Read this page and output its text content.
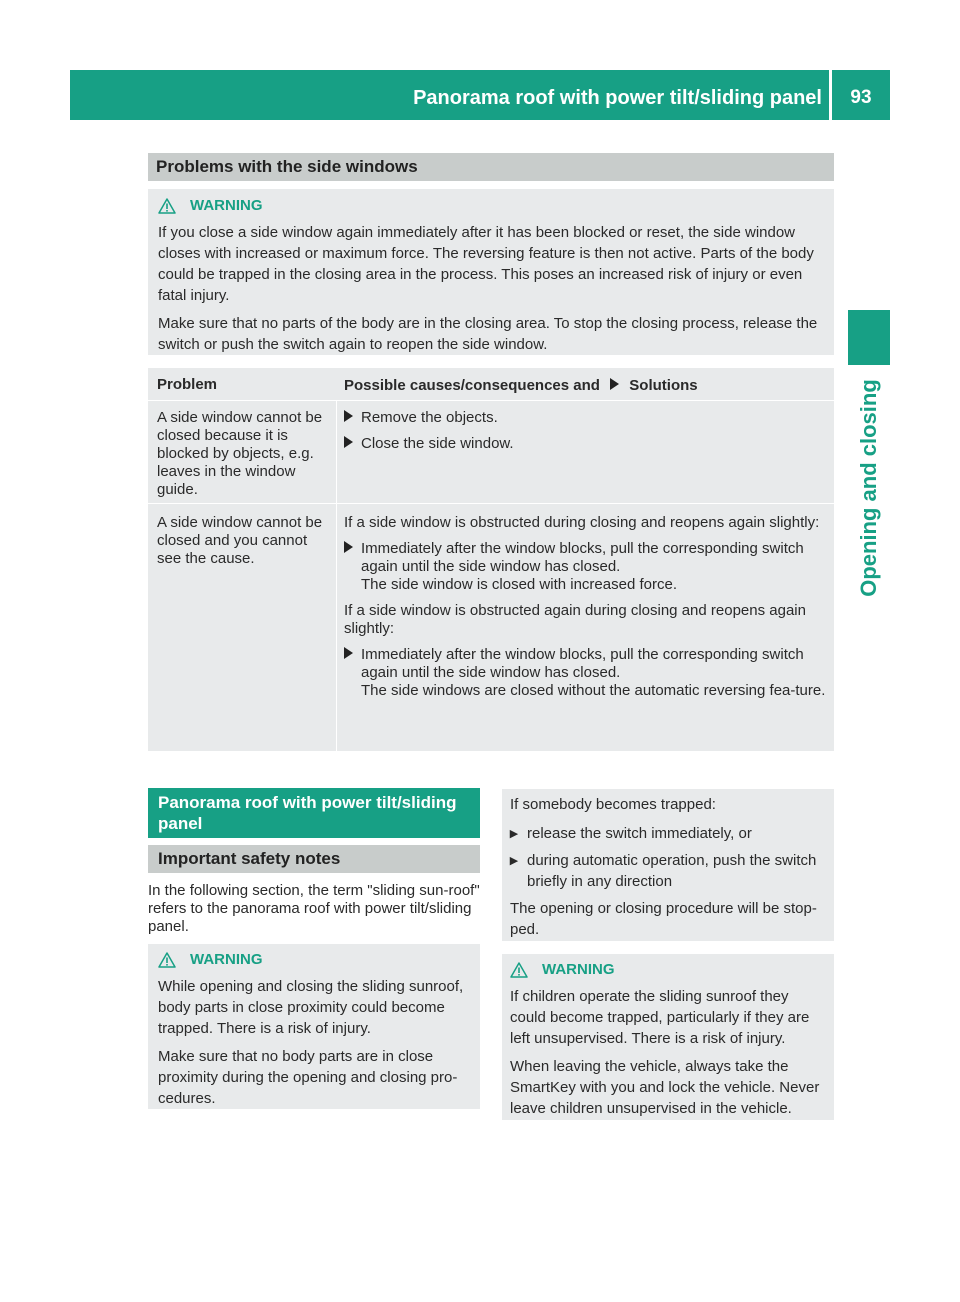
Panorama roof with power tilt/sliding panel	93
Opening and closing
Problems with the side windows
WARNING

If you close a side window again immediately after it has been blocked or reset, the side window closes with increased or maximum force. The reversing feature is then not active. Parts of the body could be trapped in the closing area in the process. This poses an increased risk of injury or even fatal injury.

Make sure that no parts of the body are in the closing area. To stop the closing process, release the switch or push the switch again to reopen the side window.

Problem	Possible causes/consequences and Solutions
A side window cannot be closed because it is blocked by objects, e.g. leaves in the window guide.
Remove the objects.
Close the side window.
A side window cannot be closed and you cannot see the cause.
If a side window is obstructed during closing and reopens again slightly:
Immediately after the window blocks, pull the corresponding switch again until the side window has closed.
The side window is closed with increased force.
If a side window is obstructed again during closing and reopens again slightly:
Immediately after the window blocks, pull the corresponding switch again until the side window has closed.
The side windows are closed without the automatic reversing fea-ture.
Panorama roof with power tilt/sliding panel
Important safety notes
In the following section, the term "sliding sun-roof" refers to the panorama roof with power tilt/sliding panel.
WARNING

While opening and closing the sliding sunroof, body parts in close proximity could become trapped. There is a risk of injury.

Make sure that no body parts are in close proximity during the opening and closing pro-cedures.

If somebody becomes trapped:
▸ release the switch immediately, or
▸ during automatic operation, push the switch briefly in any direction
The opening or closing procedure will be stop-ped.
WARNING

If children operate the sliding sunroof they could become trapped, particularly if they are left unsupervised. There is a risk of injury.

When leaving the vehicle, always take the SmartKey with you and lock the vehicle. Never leave children unsupervised in the vehicle.
